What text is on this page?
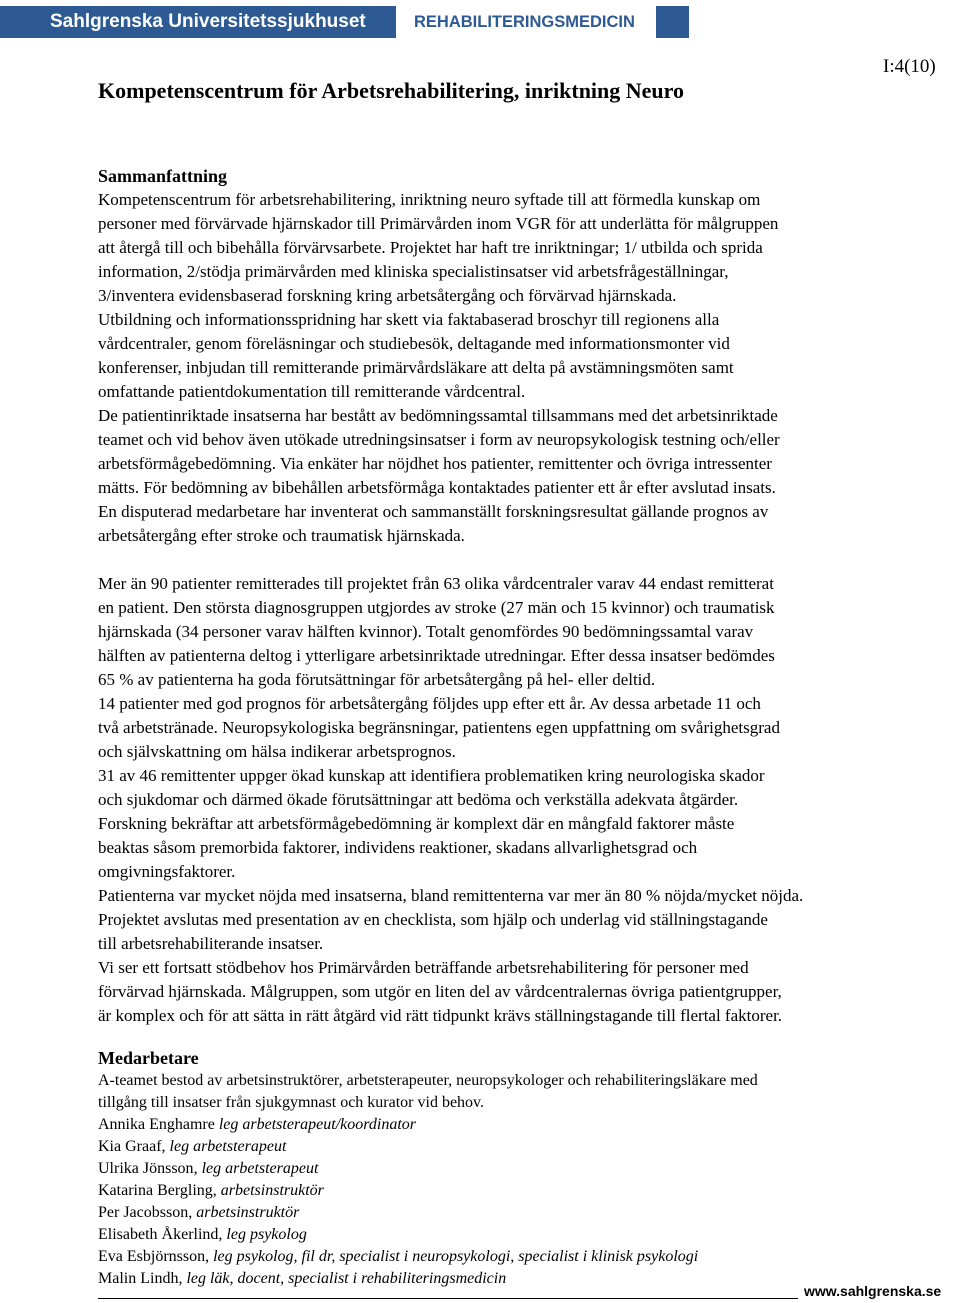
Sahlgrenska Universitetssjukhuset	REHABILITERINGSMEDICIN
Kompetenscentrum för Arbetsrehabilitering, inriktning Neuro
I:4(10)

Sammanfattning

Kompetenscentrum för arbetsrehabilitering, inriktning neuro syftade till att förmedla kunskap om

personer med förvärvade hjärnskador till Primärvården inom VGR för att underlätta för målgruppen

att återgå till och bibehålla förvärvsarbete. Projektet har haft tre inriktningar; 1/ utbilda och sprida

information, 2/stödja primärvården med kliniska specialistinsatser vid arbetsfrågeställningar,

3/inventera evidensbaserad forskning kring arbetsåtergång och förvärvad hjärnskada.

Utbildning och informationsspridning har skett via faktabaserad broschyr till regionens alla

vårdcentraler, genom föreläsningar och studiebesök, deltagande med informationsmonter vid

konferenser, inbjudan till remitterande primärvårdsläkare att delta på avstämningsmöten samt

omfattande patientdokumentation till remitterande vårdcentral.

De patientinriktade insatserna har bestått av bedömningssamtal tillsammans med det arbetsinriktade

teamet och vid behov även utökade utredningsinsatser i form av neuropsykologisk testning och/eller

arbetsförmågebedömning. Via enkäter har nöjdhet hos patienter, remittenter och övriga intressenter

mätts. För bedömning av bibehållen arbetsförmåga kontaktades patienter ett år efter avslutad insats.

En disputerad medarbetare har inventerat och sammanställt forskningsresultat gällande prognos av

arbetsåtergång efter stroke och traumatisk hjärnskada.

Mer än 90 patienter remitterades till projektet från 63 olika vårdcentraler varav 44 endast remitterat

en patient. Den största diagnosgruppen utgjordes av stroke (27 män och 15 kvinnor) och traumatisk

hjärnskada (34 personer varav hälften kvinnor). Totalt genomfördes 90 bedömningssamtal varav

hälften av patienterna deltog i ytterligare arbetsinriktade utredningar. Efter dessa insatser bedömdes

65 % av patienterna ha goda förutsättningar för arbetsåtergång på hel- eller deltid.

14 patienter med god prognos för arbetsåtergång följdes upp efter ett år. Av dessa arbetade 11 och

två arbetstränade. Neuropsykologiska begränsningar, patientens egen uppfattning om svårighetsgrad

och självskattning om hälsa indikerar arbetsprognos.

31 av 46 remittenter uppger ökad kunskap att identifiera problematiken kring neurologiska skador

och sjukdomar och därmed ökade förutsättningar att bedöma och verkställa adekvata åtgärder.

Forskning bekräftar att arbetsförmågebedömning är komplext där en mångfald faktorer måste

beaktas såsom premorbida faktorer, individens reaktioner, skadans allvarlighetsgrad och

omgivningsfaktorer.

Patienterna var mycket nöjda med insatserna, bland remittenterna var mer än 80 % nöjda/mycket nöjda.

Projektet avslutas med presentation av en checklista, som hjälp och underlag vid ställningstagande

till arbetsrehabiliterande insatser.

Vi ser ett fortsatt stödbehov hos Primärvården beträffande arbetsrehabilitering för personer med

förvärvad hjärnskada. Målgruppen, som utgör en liten del av vårdcentralernas övriga patientgrupper,

är komplex och för att sätta in rätt åtgärd vid rätt tidpunkt krävs ställningstagande till flertal faktorer.

Medarbetare

A-teamet bestod av arbetsinstruktörer, arbetsterapeuter, neuropsykologer och rehabiliteringsläkare med

tillgång till insatser från sjukgymnast och kurator vid behov.

Annika Enghamre leg arbetsterapeut/koordinator

Kia Graaf, leg arbetsterapeut

Ulrika Jönsson, leg arbetsterapeut

Katarina Bergling, arbetsinstruktör

Per Jacobsson, arbetsinstruktör

Elisabeth Åkerlind, leg psykolog

Eva Esbjörnsson, leg psykolog, fil dr, specialist i neuropsykologi, specialist i klinisk psykologi

Malin Lindh, leg läk, docent, specialist i rehabiliteringsmedicin

www.sahlgrenska.se
